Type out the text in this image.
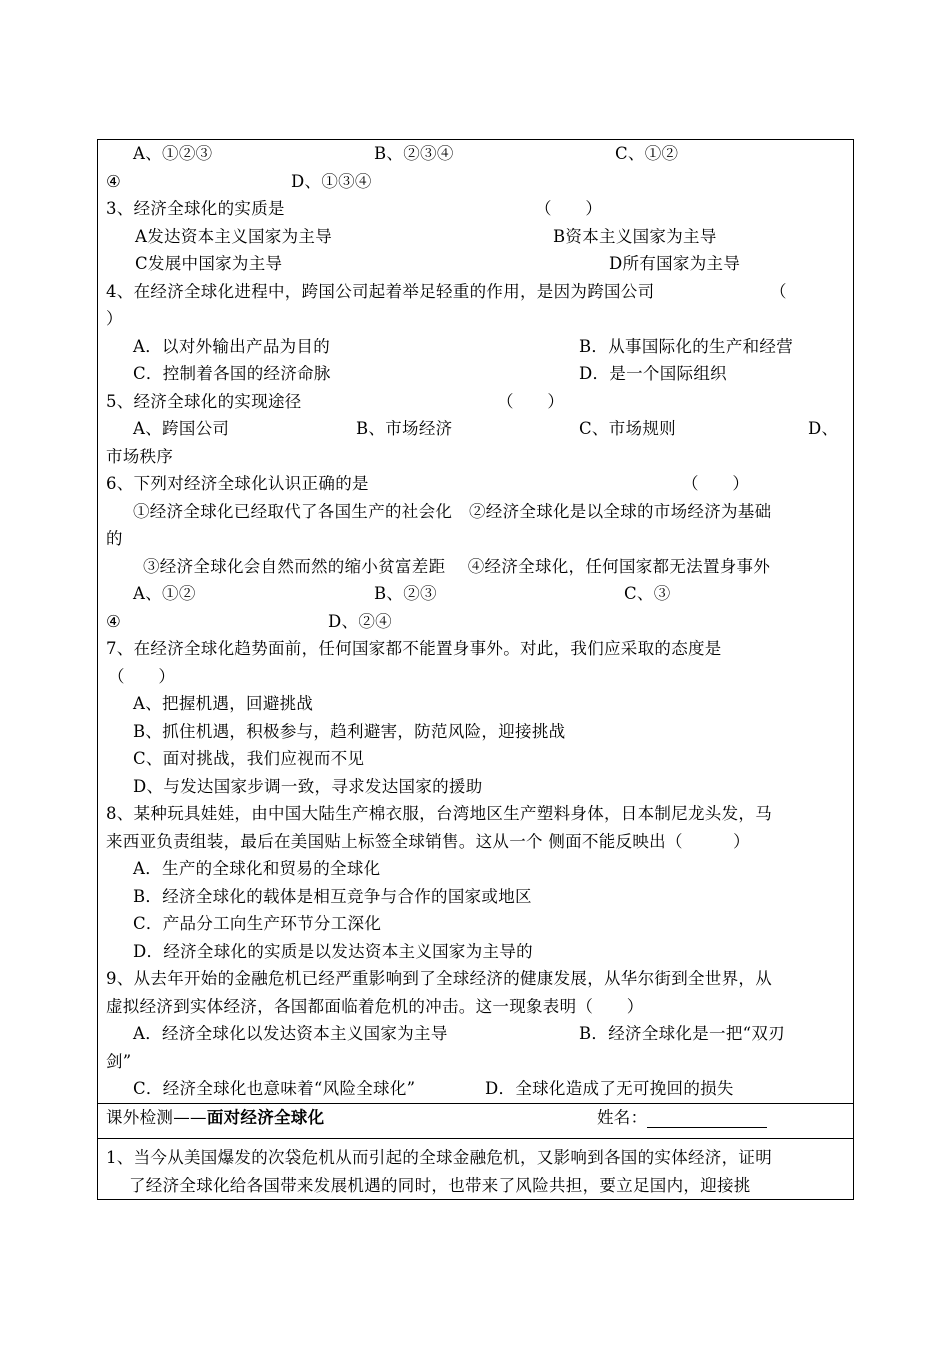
A、①②③	B、②③④	C、①②
④	D、①③④
3、经济全球化的实质是	（　　）
A发达资本主义国家为主导	B资本主义国家为主导
C发展中国家为主导	D所有国家为主导
4、在经济全球化进程中，跨国公司起着举足轻重的作用，是因为跨国公司	（
）
A．以对外输出产品为目的	B．从事国际化的生产和经营
C．控制着各国的经济命脉	D．是一个国际组织
5、经济全球化的实现途径	（　　）
A、跨国公司	B、市场经济	C、市场规则	D、
市场秩序
6、下列对经济全球化认识正确的是	（　　）
①经济全球化已经取代了各国生产的社会化　②经济全球化是以全球的市场经济为基础
的
③经济全球化会自然而然的缩小贫富差距　 ④经济全球化，任何国家都无法置身事外
A、①②	B、②③	C、③
④	D、②④
7、在经济全球化趋势面前，任何国家都不能置身事外。对此，我们应采取的态度是
（　　）
A、把握机遇，回避挑战
B、抓住机遇，积极参与，趋利避害，防范风险，迎接挑战
C、面对挑战，我们应视而不见
D、与发达国家步调一致，寻求发达国家的援助
8、某种玩具娃娃，由中国大陆生产棉衣服，台湾地区生产塑料身体，日本制尼龙头发，马
来西亚负责组装，最后在美国贴上标签全球销售。这从一个 侧面不能反映出（　　　）
A．生产的全球化和贸易的全球化
B．经济全球化的载体是相互竞争与合作的国家或地区
C．产品分工向生产环节分工深化
D．经济全球化的实质是以发达资本主义国家为主导的
9、从去年开始的金融危机已经严重影响到了全球经济的健康发展，从华尔街到全世界，从
虚拟经济到实体经济，各国都面临着危机的冲击。这一现象表明（　　）
A．经济全球化以发达资本主义国家为主导	B．经济全球化是一把“双刃
剑”
C．经济全球化也意味着“风险全球化”	D．全球化造成了无可挽回的损失
课外检测——面对经济全球化	姓名：
1、当今从美国爆发的次袋危机从而引起的全球金融危机，又影响到各国的实体经济，证明
了经济全球化给各国带来发展机遇的同时，也带来了风险共担，要立足国内，迎接挑
